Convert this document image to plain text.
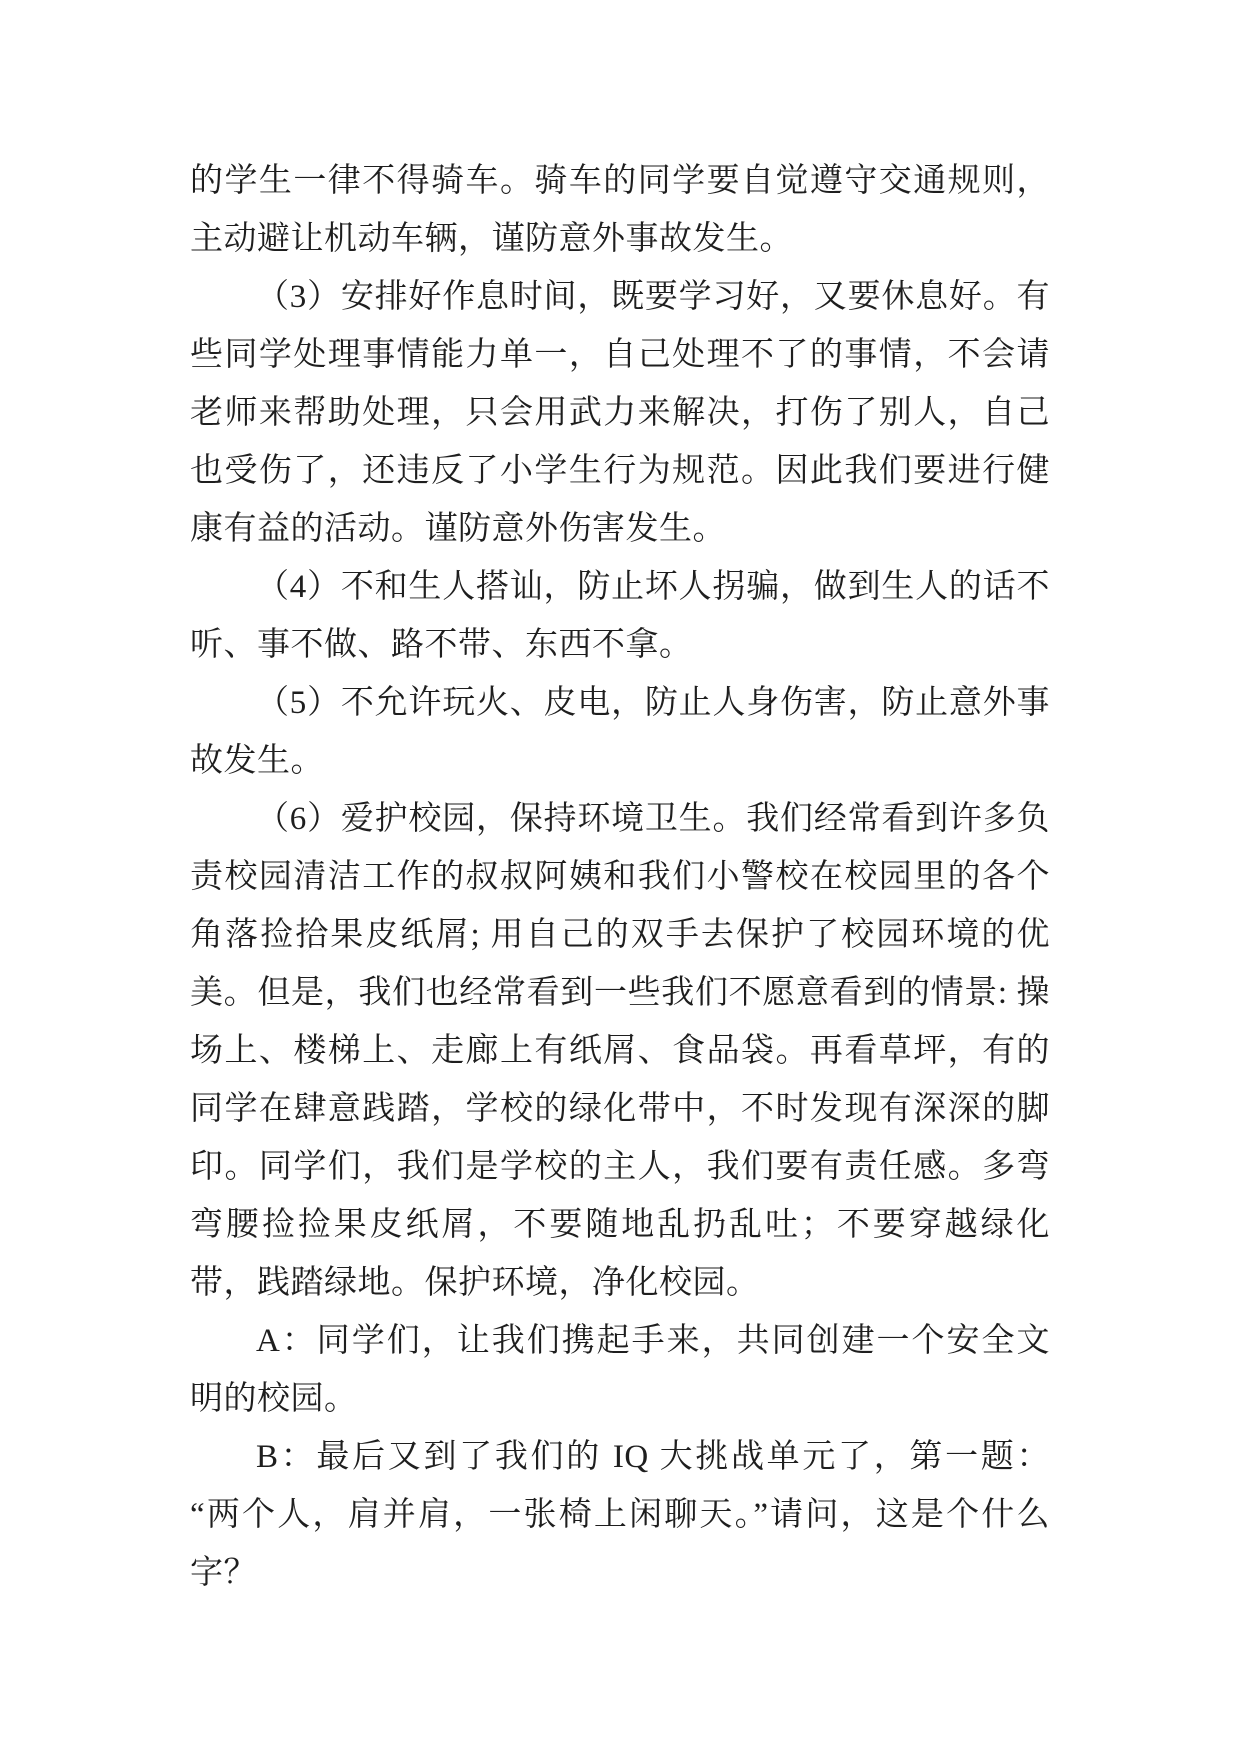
的学生一律不得骑车。骑车的同学要自觉遵守交通规则，主动避让机动车辆，谨防意外事故发生。

（3）安排好作息时间，既要学习好，又要休息好。有些同学处理事情能力单一，自己处理不了的事情，不会请老师来帮助处理，只会用武力来解决，打伤了别人，自己也受伤了，还违反了小学生行为规范。因此我们要进行健康有益的活动。谨防意外伤害发生。

（4）不和生人搭讪，防止坏人拐骗，做到生人的话不听、事不做、路不带、东西不拿。

（5）不允许玩火、皮电，防止人身伤害，防止意外事故发生。

（6）爱护校园，保持环境卫生。我们经常看到许多负责校园清洁工作的叔叔阿姨和我们小警校在校园里的各个角落捡拾果皮纸屑; 用自己的双手去保护了校园环境的优美。但是，我们也经常看到一些我们不愿意看到的情景: 操场上、楼梯上、走廊上有纸屑、食品袋。再看草坪，有的同学在肆意践踏，学校的绿化带中，不时发现有深深的脚印。同学们，我们是学校的主人，我们要有责任感。多弯弯腰捡捡果皮纸屑，不要随地乱扔乱吐；不要穿越绿化带，践踏绿地。保护环境，净化校园。

A：同学们，让我们携起手来，共同创建一个安全文明的校园。

B：最后又到了我们的 IQ 大挑战单元了，第一题：“两个人，肩并肩，一张椅上闲聊天。”请问，这是个什么字？
